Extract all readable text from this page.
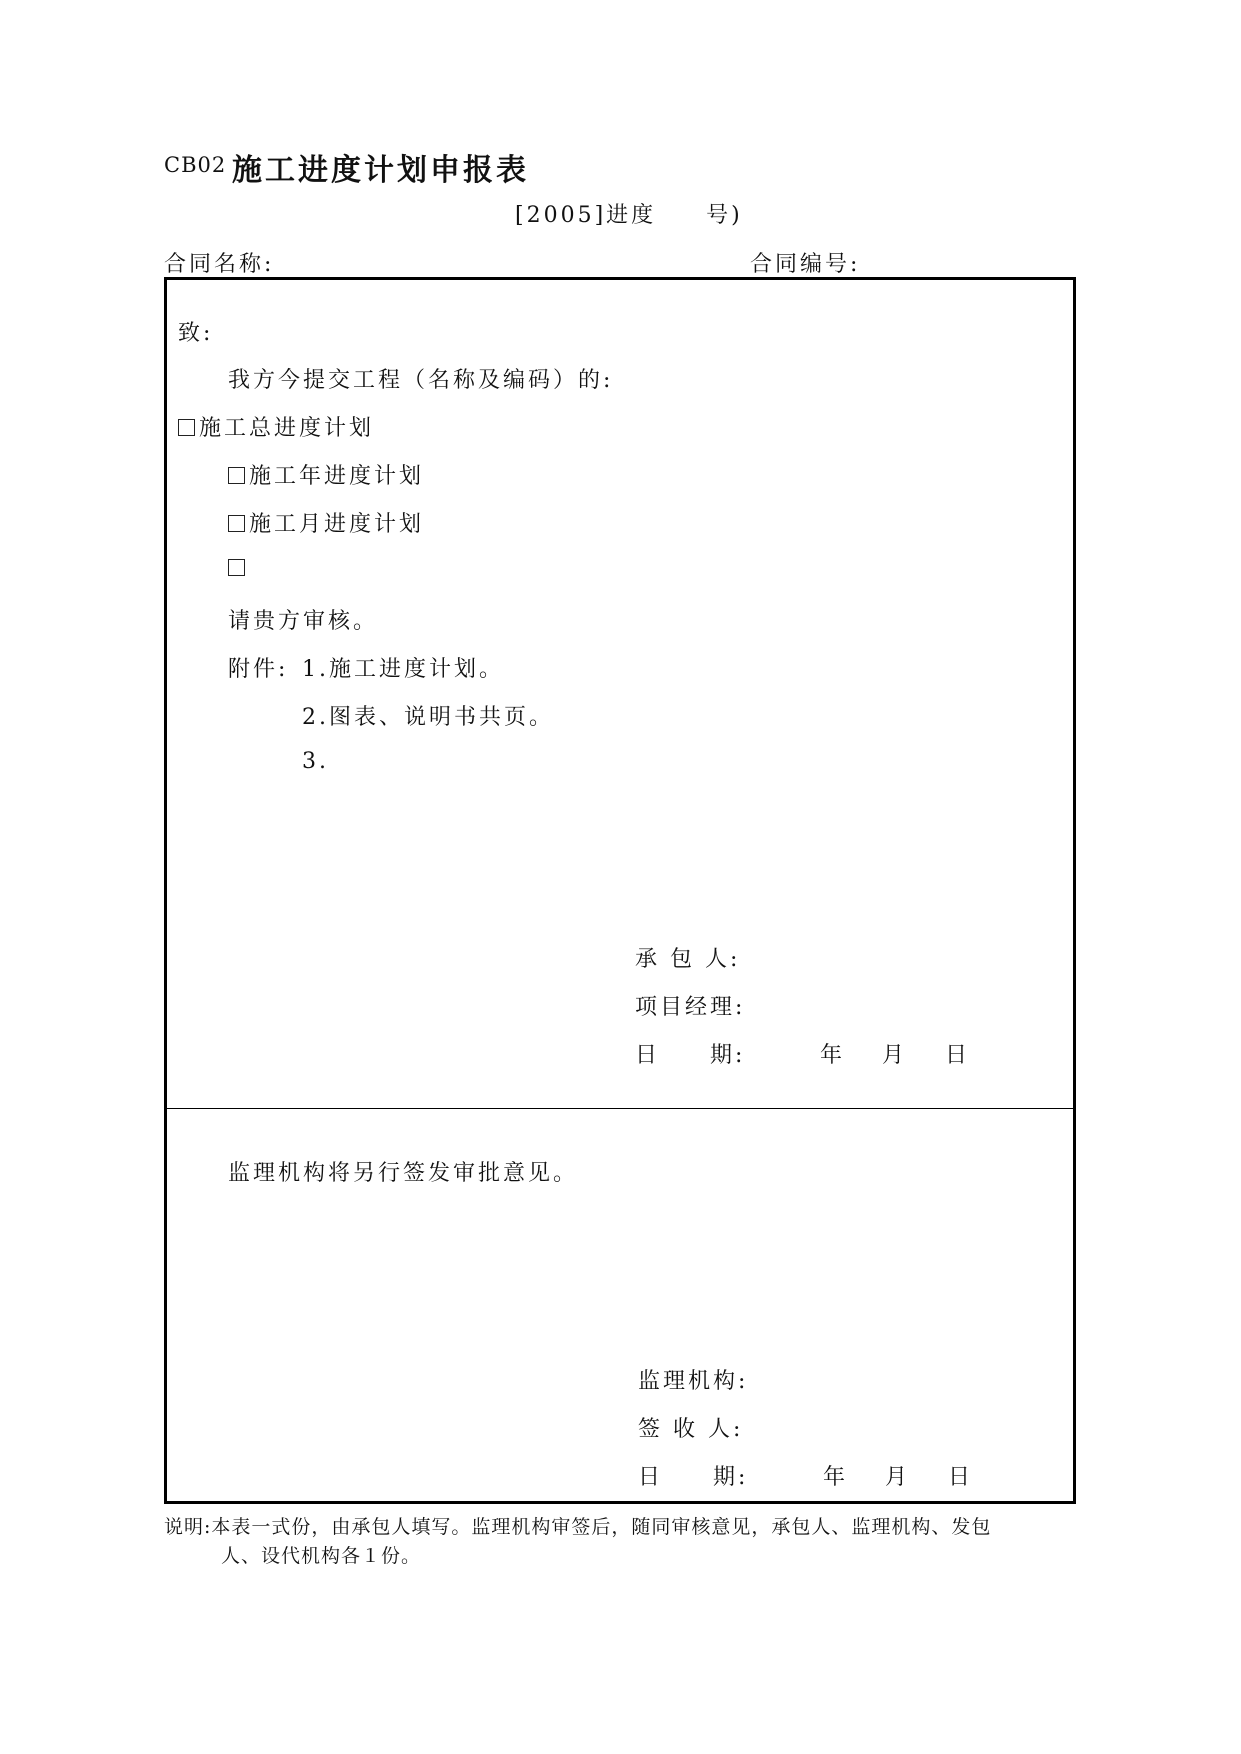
CB02 施工进度计划申报表
[2005]进度　　号)
合同名称:	合同编号:
致:
我方今提交工程（名称及编码）的:
施工总进度计划
施工年进度计划
施工月进度计划
请贵方审核。
附件: 1.施工进度计划。
2.图表、说明书共页。
3.
承 包 人:
项目经理:
日　　期:	年 月 日
监理机构将另行签发审批意见。
监理机构:
签 收 人:
日　　期:	年 月 日
说明:本表一式份，由承包人填写。监理机构审签后，随同审核意见，承包人、监理机构、发包
人、设代机构各１份。
